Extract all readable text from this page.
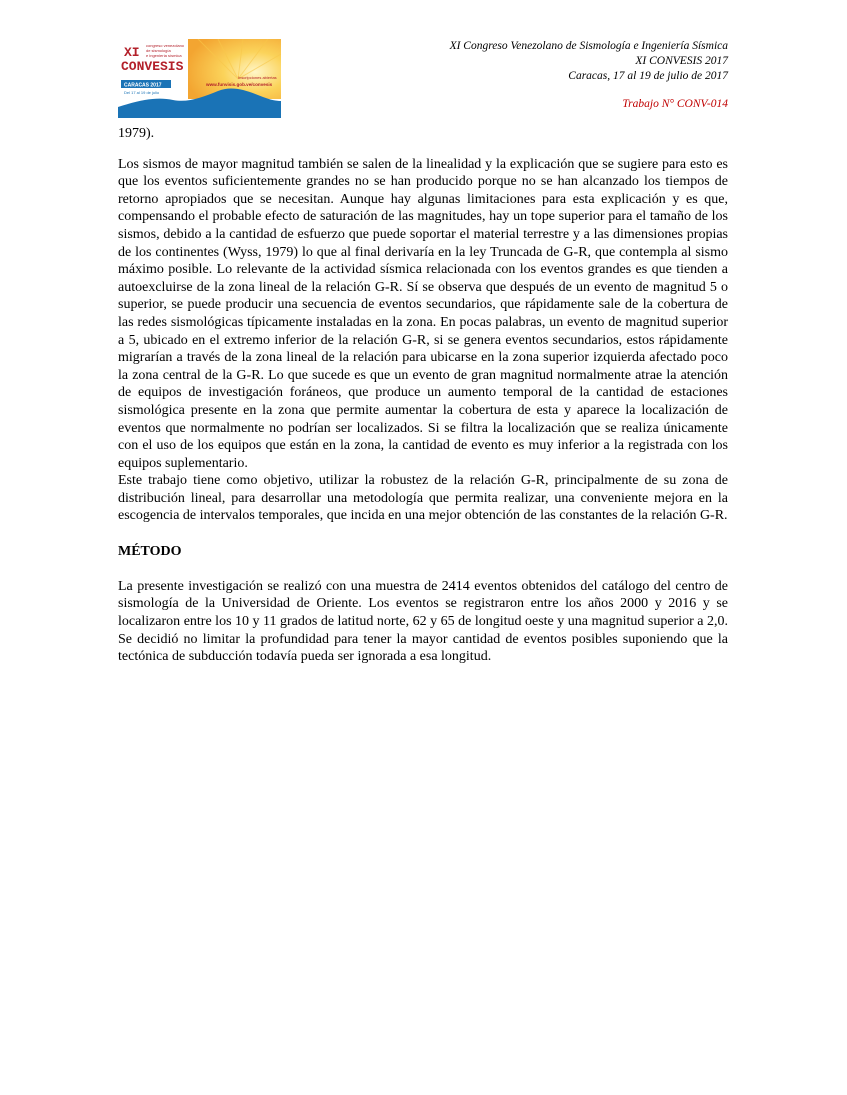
XI
CONVESIS
congreso venezolano
de sismología
e ingeniería sísmica
CARACAS 2017
Del 17 al 19 de julio
Inscripciones abiertas
www.funvisis.gob.ve/convesis
XI Congreso Venezolano de Sismología e Ingeniería Sísmica
XI CONVESIS 2017
Caracas, 17 al 19 de julio de 2017
Trabajo N° CONV-014

1979).

Los sismos de mayor magnitud también se salen de la linealidad y la explicación que se sugiere para esto es que los eventos suficientemente grandes no se han producido porque no se han alcanzado los tiempos de retorno apropiados que se necesitan. Aunque hay algunas limitaciones para esta explicación y es que, compensando el probable efecto de saturación de las magnitudes, hay un tope superior para el tamaño de los sismos, debido a la cantidad de esfuerzo que puede soportar el material terrestre y a las dimensiones propias de los continentes (Wyss, 1979) lo que al final derivaría en la ley Truncada de G-R, que contempla al sismo máximo posible. Lo relevante de la actividad sísmica relacionada con los eventos grandes es que tienden a autoexcluirse de la zona lineal de la relación G-R. Sí se observa que después de un evento de magnitud 5 o superior, se puede producir una secuencia de eventos secundarios, que rápidamente sale de la cobertura de las redes sismológicas típicamente instaladas en la zona. En pocas palabras, un evento de magnitud superior a 5, ubicado en el extremo inferior de la relación G-R, si se genera eventos secundarios, estos rápidamente migrarían a través de la zona lineal de la relación para ubicarse en la zona superior izquierda afectado poco la zona central de la G-R. Lo que sucede es que un evento de gran magnitud normalmente atrae la atención de equipos de investigación foráneos, que produce un aumento temporal de la cantidad de estaciones sismológica presente en la zona que permite aumentar la cobertura de esta y aparece la localización de eventos que normalmente no podrían ser localizados. Si se filtra la localización que se realiza únicamente con el uso de los equipos que están en la zona, la cantidad de evento es muy inferior a la registrada con los equipos suplementario.

Este trabajo tiene como objetivo, utilizar la robustez de la relación G-R, principalmente de su zona de distribución lineal, para desarrollar una metodología que permita realizar, una conveniente mejora en la escogencia de intervalos temporales, que incida en una mejor obtención de las constantes de la relación G-R.

MÉTODO

La presente investigación se realizó con una muestra de 2414 eventos obtenidos del catálogo del centro de sismología de la Universidad de Oriente. Los eventos se registraron entre los años 2000 y 2016 y se localizaron entre los 10 y 11 grados de latitud norte, 62 y 65 de longitud oeste y una magnitud superior a 2,0. Se decidió no limitar la profundidad para tener la mayor cantidad de eventos posibles suponiendo que la tectónica de subducción todavía pueda ser ignorada a esa longitud.
